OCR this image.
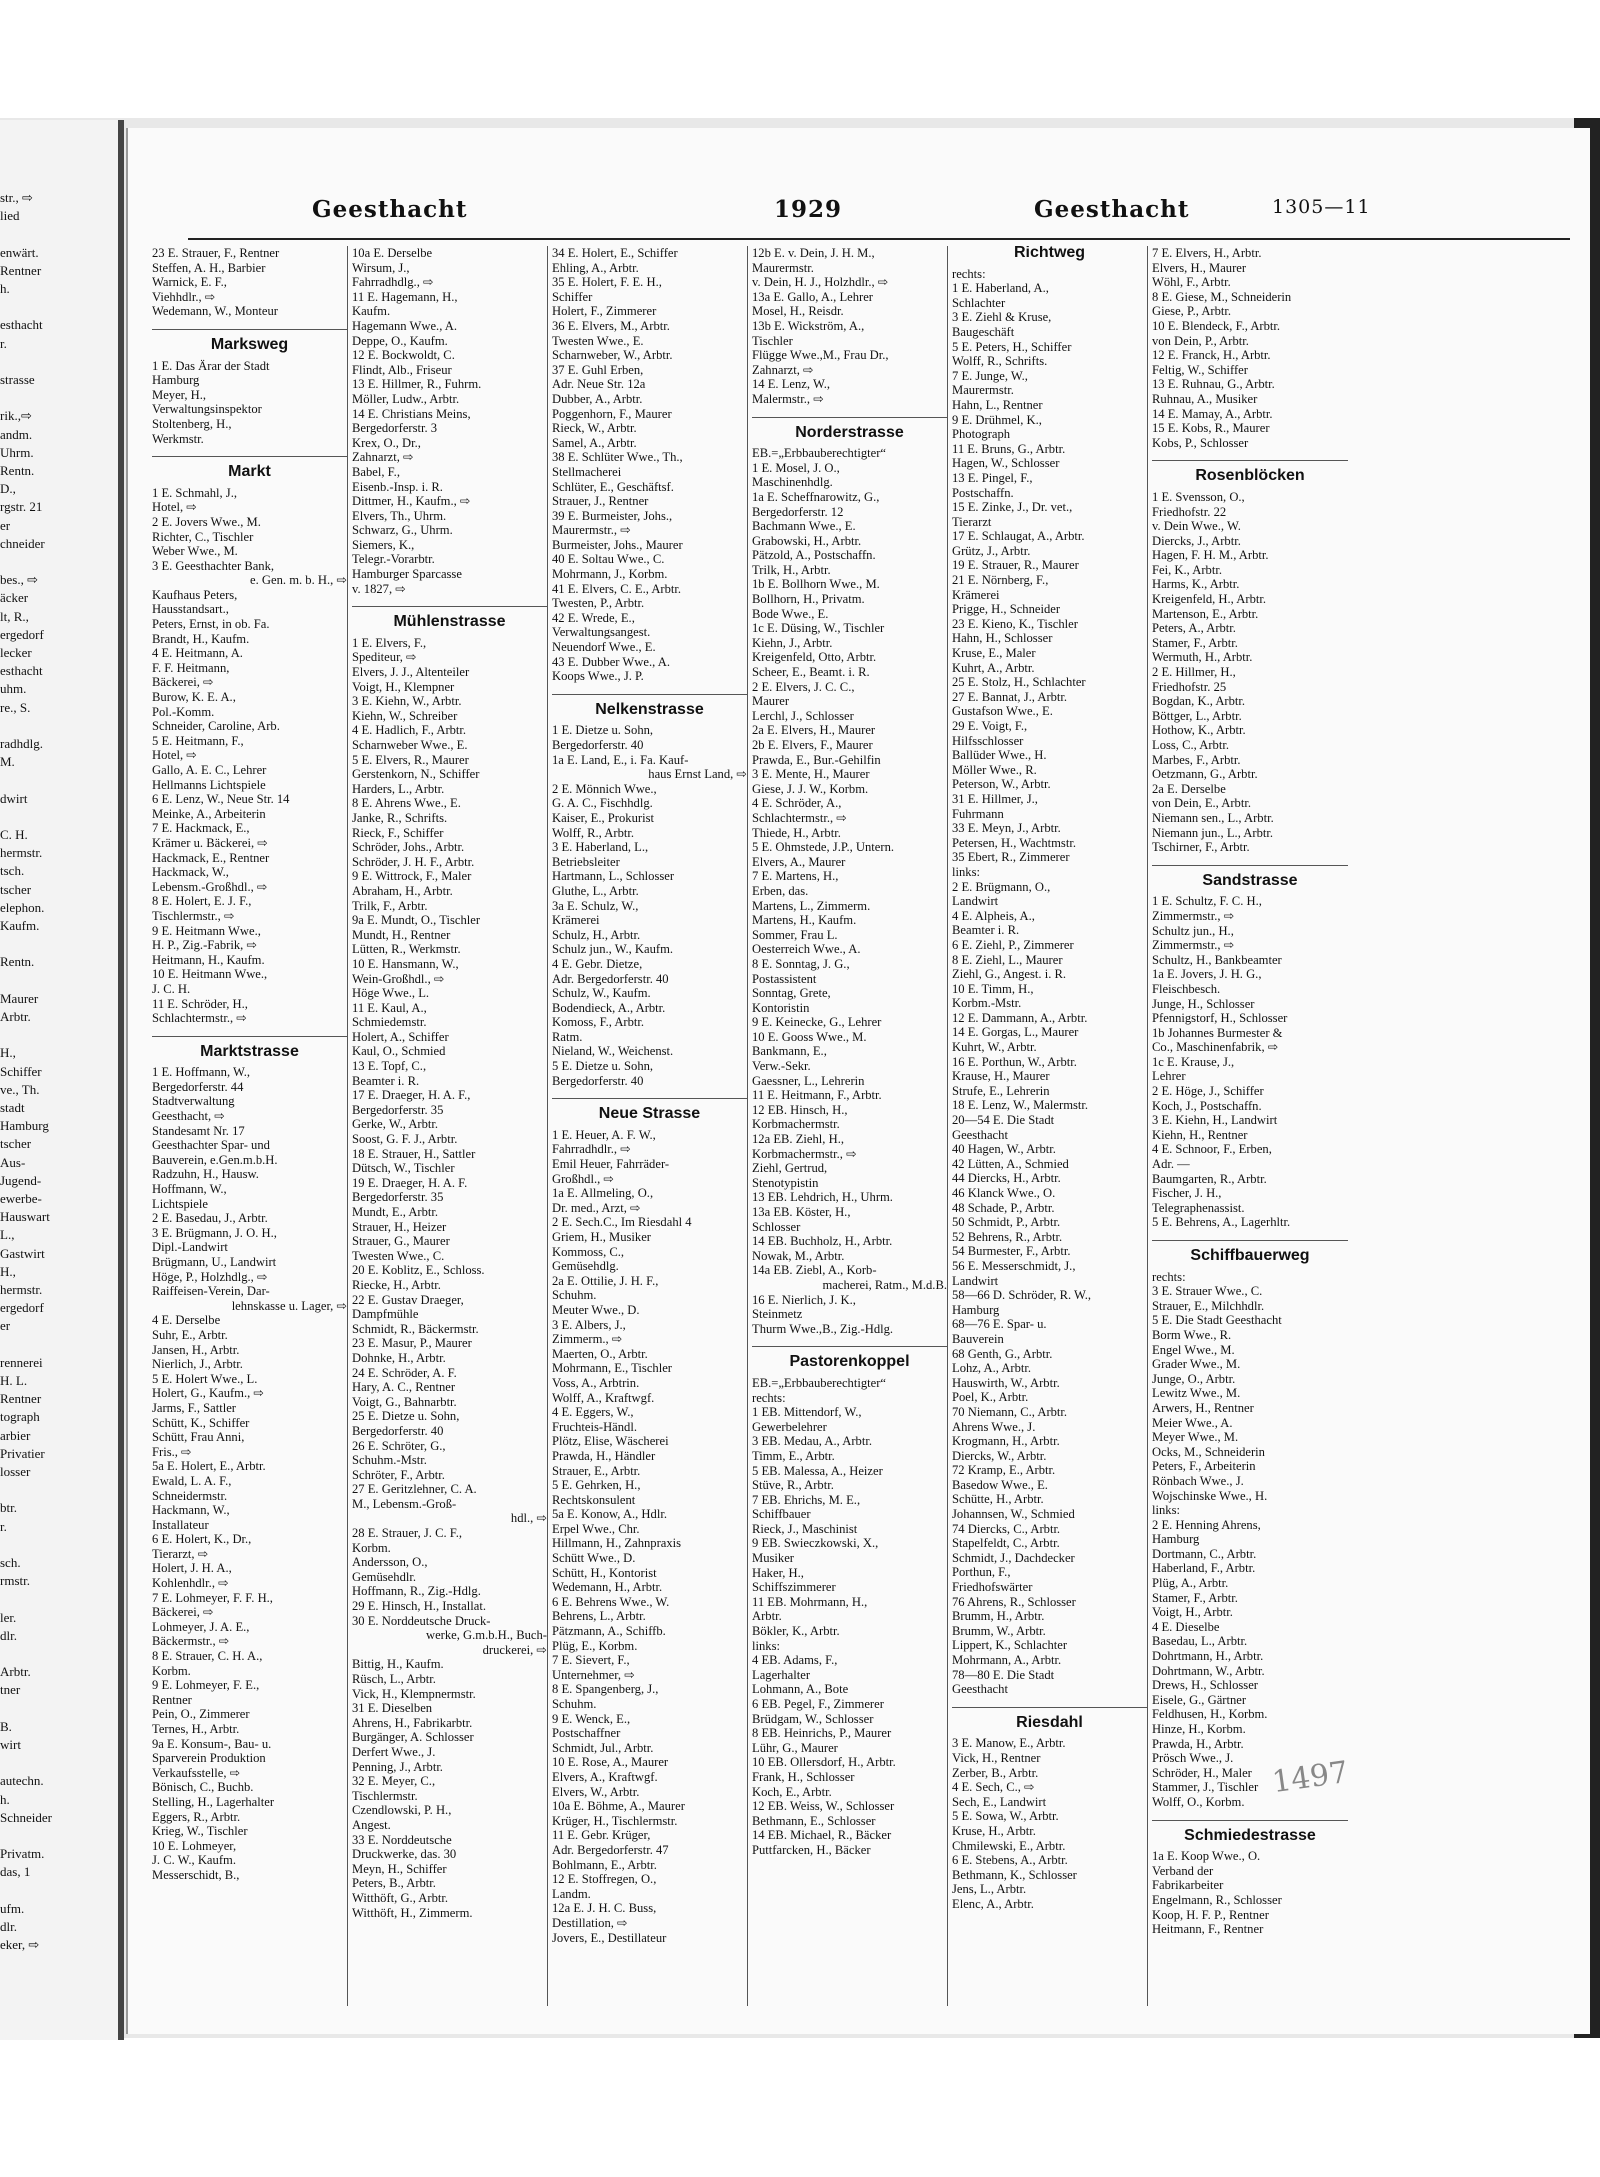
str., ⇨
lied
enwärt.
Rentner
h.
esthacht
r.
strasse
rik.,⇨
andm.
Uhrm.
Rentn.
D.,
rgstr. 21
er
chneider
bes., ⇨
äcker
lt, R.,
ergedorf
lecker
esthacht
uhm.
re., S.
radhdlg.
M.
dwirt
C. H.
hermstr.
tsch.
tscher
elephon.
Kaufm.
Rentn.
Maurer
Arbtr.
H.,
Schiffer
ve., Th.
stadt
Hamburg
tscher
Aus-
Jugend-
ewerbe-
Hauswart
L.,
Gastwirt
H.,
hermstr.
ergedorf
er
rennerei
H. L.
Rentner
tograph
arbier
Privatier
losser
btr.
r.
sch.
rmstr.
ler.
dlr.
Arbtr.
tner
B.
wirt
autechn.
h.
Schneider
Privatm.
das, 1
ufm.
dlr.
eker, ⇨
Geesthacht	1929	Geesthacht	1305—11
23 E. Strauer, F., Rentner
Steffen, A. H., Barbier
Warnick, E. F.,
Viehhdlr., ⇨
Wedemann, W., Monteur
Marksweg
1 E. Das Ärar der Stadt
Hamburg
Meyer, H.,
Verwaltungsinspektor
Stoltenberg, H.,
Werkmstr.
Markt
1 E. Schmahl, J.,
Hotel, ⇨
2 E. Jovers Wwe., M.
Richter, C., Tischler
Weber Wwe., M.
3 E. Geesthachter Bank,
e. Gen. m. b. H., ⇨
Kaufhaus Peters,
Hausstandsart.,
Peters, Ernst, in ob. Fa.
Brandt, H., Kaufm.
4 E. Heitmann, A.
F. F. Heitmann,
Bäckerei, ⇨
Burow, K. E. A.,
Pol.-Komm.
Schneider, Caroline, Arb.
5 E. Heitmann, F.,
Hotel, ⇨
Gallo, A. E. C., Lehrer
Hellmanns Lichtspiele
6 E. Lenz, W., Neue Str. 14
Meinke, A., Arbeiterin
7 E. Hackmack, E.,
Krämer u. Bäckerei, ⇨
Hackmack, E., Rentner
Hackmack, W.,
Lebensm.-Großhdl., ⇨
8 E. Holert, E. J. F.,
Tischlermstr., ⇨
9 E. Heitmann Wwe.,
H. P., Zig.-Fabrik, ⇨
Heitmann, H., Kaufm.
10 E. Heitmann Wwe.,
J. C. H.
11 E. Schröder, H.,
Schlachtermstr., ⇨
Marktstrasse
1 E. Hoffmann, W.,
Bergedorferstr. 44
Stadtverwaltung
Geesthacht, ⇨
Standesamt Nr. 17
Geesthachter Spar- und
Bauverein, e.Gen.m.b.H.
Radzuhn, H., Hausw.
Hoffmann, W.,
Lichtspiele
2 E. Basedau, J., Arbtr.
3 E. Brügmann, J. O. H.,
Dipl.-Landwirt
Brügmann, U., Landwirt
Höge, P., Holzhdlg., ⇨
Raiffeisen-Verein, Dar-
lehnskasse u. Lager, ⇨
4 E. Derselbe
Suhr, E., Arbtr.
Jansen, H., Arbtr.
Nierlich, J., Arbtr.
5 E. Holert Wwe., L.
Holert, G., Kaufm., ⇨
Jarms, F., Sattler
Schütt, K., Schiffer
Schütt, Frau Anni,
Fris., ⇨
5a E. Holert, E., Arbtr.
Ewald, L. A. F.,
Schneidermstr.
Hackmann, W.,
Installateur
6 E. Holert, K., Dr.,
Tierarzt, ⇨
Holert, J. H. A.,
Kohlenhdlr., ⇨
7 E. Lohmeyer, F. F. H.,
Bäckerei, ⇨
Lohmeyer, J. A. E.,
Bäckermstr., ⇨
8 E. Strauer, C. H. A.,
Korbm.
9 E. Lohmeyer, F. E.,
Rentner
Pein, O., Zimmerer
Ternes, H., Arbtr.
9a E. Konsum-, Bau- u.
Sparverein Produktion
Verkaufsstelle, ⇨
Bönisch, C., Buchb.
Stelling, H., Lagerhalter
Eggers, R., Arbtr.
Krieg, W., Tischler
10 E. Lohmeyer,
J. C. W., Kaufm.
Messerschidt, B.,
10a E. Derselbe
Wirsum, J.,
Fahrradhdlg., ⇨
11 E. Hagemann, H.,
Kaufm.
Hagemann Wwe., A.
Deppe, O., Kaufm.
12 E. Bockwoldt, C.
Flindt, Alb., Friseur
13 E. Hillmer, R., Fuhrm.
Möller, Ludw., Arbtr.
14 E. Christians Meins,
Bergedorferstr. 3
Krex, O., Dr.,
Zahnarzt, ⇨
Babel, F.,
Eisenb.-Insp. i. R.
Dittmer, H., Kaufm., ⇨
Elvers, Th., Uhrm.
Schwarz, G., Uhrm.
Siemers, K.,
Telegr.-Vorarbtr.
Hamburger Sparcasse
v. 1827, ⇨
Mühlenstrasse
1 E. Elvers, F.,
Spediteur, ⇨
Elvers, J. J., Altenteiler
Voigt, H., Klempner
3 E. Kiehn, W., Arbtr.
Kiehn, W., Schreiber
4 E. Hadlich, F., Arbtr.
Scharnweber Wwe., E.
5 E. Elvers, R., Maurer
Gerstenkorn, N., Schiffer
Harders, L., Arbtr.
8 E. Ahrens Wwe., E.
Janke, R., Schrifts.
Rieck, F., Schiffer
Schröder, Johs., Arbtr.
Schröder, J. H. F., Arbtr.
9 E. Wittrock, F., Maler
Abraham, H., Arbtr.
Trilk, F., Arbtr.
9a E. Mundt, O., Tischler
Mundt, H., Rentner
Lütten, R., Werkmstr.
10 E. Hansmann, W.,
Wein-Großhdl., ⇨
Höge Wwe., L.
11 E. Kaul, A.,
Schmiedemstr.
Holert, A., Schiffer
Kaul, O., Schmied
13 E. Topf, C.,
Beamter i. R.
17 E. Draeger, H. A. F.,
Bergedorferstr. 35
Gerke, W., Arbtr.
Soost, G. F. J., Arbtr.
18 E. Strauer, H., Sattler
Dütsch, W., Tischler
19 E. Draeger, H. A. F.
Bergedorferstr. 35
Mundt, E., Arbtr.
Strauer, H., Heizer
Strauer, G., Maurer
Twesten Wwe., C.
20 E. Koblitz, E., Schloss.
Riecke, H., Arbtr.
22 E. Gustav Draeger,
Dampfmühle
Schmidt, R., Bäckermstr.
23 E. Masur, P., Maurer
Dohnke, H., Arbtr.
24 E. Schröder, A. F.
Hary, A. C., Rentner
Voigt, G., Bahnarbtr.
25 E. Dietze u. Sohn,
Bergedorferstr. 40
26 E. Schröter, G.,
Schuhm.-Mstr.
Schröter, F., Arbtr.
27 E. Geritzlehner, C. A.
M., Lebensm.-Groß-
hdl., ⇨
28 E. Strauer, J. C. F.,
Korbm.
Andersson, O.,
Gemüsehdlr.
Hoffmann, R., Zig.-Hdlg.
29 E. Hinsch, H., Installat.
30 E. Norddeutsche Druck-
werke, G.m.b.H., Buch-
druckerei, ⇨
Bittig, H., Kaufm.
Rüsch, L., Arbtr.
Vick, H., Klempnermstr.
31 E. Dieselben
Ahrens, H., Fabrikarbtr.
Burgänger, A. Schlosser
Derfert Wwe., J.
Penning, J., Arbtr.
32 E. Meyer, C.,
Tischlermstr.
Czendlowski, P. H.,
Angest.
33 E. Norddeutsche
Druckwerke, das. 30
Meyn, H., Schiffer
Peters, B., Arbtr.
Witthöft, G., Arbtr.
Witthöft, H., Zimmerm.
34 E. Holert, E., Schiffer
Ehling, A., Arbtr.
35 E. Holert, F. E. H.,
Schiffer
Holert, F., Zimmerer
36 E. Elvers, M., Arbtr.
Twesten Wwe., E.
Scharnweber, W., Arbtr.
37 E. Guhl Erben,
Adr. Neue Str. 12a
Dubber, A., Arbtr.
Poggenhorn, F., Maurer
Rieck, W., Arbtr.
Samel, A., Arbtr.
38 E. Schlüter Wwe., Th.,
Stellmacherei
Schlüter, E., Geschäftsf.
Strauer, J., Rentner
39 E. Burmeister, Johs.,
Maurermstr., ⇨
Burmeister, Johs., Maurer
40 E. Soltau Wwe., C.
Mohrmann, J., Korbm.
41 E. Elvers, C. E., Arbtr.
Twesten, P., Arbtr.
42 E. Wrede, E.,
Verwaltungsangest.
Neuendorf Wwe., E.
43 E. Dubber Wwe., A.
Koops Wwe., J. P.
Nelkenstrasse
1 E. Dietze u. Sohn,
Bergedorferstr. 40
1a E. Land, E., i. Fa. Kauf-
haus Ernst Land, ⇨
2 E. Mönnich Wwe.,
G. A. C., Fischhdlg.
Kaiser, E., Prokurist
Wolff, R., Arbtr.
3 E. Haberland, L.,
Betriebsleiter
Hartmann, L., Schlosser
Gluthe, L., Arbtr.
3a E. Schulz, W.,
Krämerei
Schulz, H., Arbtr.
Schulz jun., W., Kaufm.
4 E. Gebr. Dietze,
Adr. Bergedorferstr. 40
Schulz, W., Kaufm.
Bodendieck, A., Arbtr.
Komoss, F., Arbtr.
Ratm.
Nieland, W., Weichenst.
5 E. Dietze u. Sohn,
Bergedorferstr. 40
Neue Strasse
1 E. Heuer, A. F. W.,
Fahrradhdlr., ⇨
Emil Heuer, Fahrräder-
Großhdl., ⇨
1a E. Allmeling, O.,
Dr. med., Arzt, ⇨
2 E. Sech.C., Im Riesdahl 4
Griem, H., Musiker
Kommoss, C.,
Gemüsehdlg.
2a E. Ottilie, J. H. F.,
Schuhm.
Meuter Wwe., D.
3 E. Albers, J.,
Zimmerm., ⇨
Maerten, O., Arbtr.
Mohrmann, E., Tischler
Voss, A., Arbtrin.
Wolff, A., Kraftwgf.
4 E. Eggers, W.,
Fruchteis-Händl.
Plötz, Elise, Wäscherei
Prawda, H., Händler
Strauer, E., Arbtr.
5 E. Gehrken, H.,
Rechtskonsulent
5a E. Konow, A., Hdlr.
Erpel Wwe., Chr.
Hillmann, H., Zahnpraxis
Schütt Wwe., D.
Schütt, H., Kontorist
Wedemann, H., Arbtr.
6 E. Behrens Wwe., W.
Behrens, L., Arbtr.
Pätzmann, A., Schiffb.
Plüg, E., Korbm.
7 E. Sievert, F.,
Unternehmer, ⇨
8 E. Spangenberg, J.,
Schuhm.
9 E. Wenck, E.,
Postschaffner
Schmidt, Jul., Arbtr.
10 E. Rose, A., Maurer
Elvers, A., Kraftwgf.
Elvers, W., Arbtr.
10a E. Böhme, A., Maurer
Krüger, H., Tischlermstr.
11 E. Gebr. Krüger,
Adr. Bergedorferstr. 47
Bohlmann, E., Arbtr.
12 E. Stoffregen, O.,
Landm.
12a E. J. H. C. Buss,
Destillation, ⇨
Jovers, E., Destillateur
12b E. v. Dein, J. H. M.,
Maurermstr.
v. Dein, H. J., Holzhdlr., ⇨
13a E. Gallo, A., Lehrer
Mosel, H., Reisdr.
13b E. Wickström, A.,
Tischler
Flügge Wwe.,M., Frau Dr.,
Zahnarzt, ⇨
14 E. Lenz, W.,
Malermstr., ⇨
Norderstrasse
EB.=„Erbbauberechtigter“
1 E. Mosel, J. O.,
Maschinenhdlg.
1a E. Scheffnarowitz, G.,
Bergedorferstr. 12
Bachmann Wwe., E.
Grabowski, H., Arbtr.
Pätzold, A., Postschaffn.
Trilk, H., Arbtr.
1b E. Bollhorn Wwe., M.
Bollhorn, H., Privatm.
Bode Wwe., E.
1c E. Düsing, W., Tischler
Kiehn, J., Arbtr.
Kreigenfeld, Otto, Arbtr.
Scheer, E., Beamt. i. R.
2 E. Elvers, J. C. C.,
Maurer
Lerchl, J., Schlosser
2a E. Elvers, H., Maurer
2b E. Elvers, F., Maurer
Prawda, E., Bur.-Gehilfin
3 E. Mente, H., Maurer
Giese, J. J. W., Korbm.
4 E. Schröder, A.,
Schlachtermstr., ⇨
Thiede, H., Arbtr.
5 E. Ohmstede, J.P., Untern.
Elvers, A., Maurer
7 E. Martens, H.,
Erben, das.
Martens, L., Zimmerm.
Martens, H., Kaufm.
Sommer, Frau L.
Oesterreich Wwe., A.
8 E. Sonntag, J. G.,
Postassistent
Sonntag, Grete,
Kontoristin
9 E. Keinecke, G., Lehrer
10 E. Gooss Wwe., M.
Bankmann, E.,
Verw.-Sekr.
Gaessner, L., Lehrerin
11 E. Heitmann, F., Arbtr.
12 EB. Hinsch, H.,
Korbmachermstr.
12a EB. Ziehl, H.,
Korbmachermstr., ⇨
Ziehl, Gertrud,
Stenotypistin
13 EB. Lehdrich, H., Uhrm.
13a EB. Köster, H.,
Schlosser
14 EB. Buchholz, H., Arbtr.
Nowak, M., Arbtr.
14a EB. Ziebl, A., Korb-
macherei, Ratm., M.d.B.
16 E. Nierlich, J. K.,
Steinmetz
Thurm Wwe.,B., Zig.-Hdlg.
Pastorenkoppel
EB.=„Erbbauberechtigter“
rechts:
1 EB. Mittendorf, W.,
Gewerbelehrer
3 EB. Medau, A., Arbtr.
Timm, E., Arbtr.
5 EB. Malessa, A., Heizer
Stüve, R., Arbtr.
7 EB. Ehrichs, M. E.,
Schiffbauer
Rieck, J., Maschinist
9 EB. Swieczkowski, X.,
Musiker
Haker, H.,
Schiffszimmerer
11 EB. Mohrmann, H.,
Arbtr.
Bökler, K., Arbtr.
links:
4 EB. Adams, F.,
Lagerhalter
Lohmann, A., Bote
6 EB. Pegel, F., Zimmerer
Brüdgam, W., Schlosser
8 EB. Heinrichs, P., Maurer
Lühr, G., Maurer
10 EB. Ollersdorf, H., Arbtr.
Frank, H., Schlosser
Koch, E., Arbtr.
12 EB. Weiss, W., Schlosser
Bethmann, E., Schlosser
14 EB. Michael, R., Bäcker
Puttfarcken, H., Bäcker
Richtweg
rechts:
1 E. Haberland, A.,
Schlachter
3 E. Ziehl & Kruse,
Baugeschäft
5 E. Peters, H., Schiffer
Wolff, R., Schrifts.
7 E. Junge, W.,
Maurermstr.
Hahn, L., Rentner
9 E. Drühmel, K.,
Photograph
11 E. Bruns, G., Arbtr.
Hagen, W., Schlosser
13 E. Pingel, F.,
Postschaffn.
15 E. Zinke, J., Dr. vet.,
Tierarzt
17 E. Schlaugat, A., Arbtr.
Grütz, J., Arbtr.
19 E. Strauer, R., Maurer
21 E. Nörnberg, F.,
Krämerei
Prigge, H., Schneider
23 E. Kieno, K., Tischler
Hahn, H., Schlosser
Kruse, E., Maler
Kuhrt, A., Arbtr.
25 E. Stolz, H., Schlachter
27 E. Bannat, J., Arbtr.
Gustafson Wwe., E.
29 E. Voigt, F.,
Hilfsschlosser
Ballüder Wwe., H.
Möller Wwe., R.
Peterson, W., Arbtr.
31 E. Hillmer, J.,
Fuhrmann
33 E. Meyn, J., Arbtr.
Petersen, H., Wachtmstr.
35 Ebert, R., Zimmerer
links:
2 E. Brügmann, O.,
Landwirt
4 E. Alpheis, A.,
Beamter i. R.
6 E. Ziehl, P., Zimmerer
8 E. Ziehl, L., Maurer
Ziehl, G., Angest. i. R.
10 E. Timm, H.,
Korbm.-Mstr.
12 E. Dammann, A., Arbtr.
14 E. Gorgas, L., Maurer
Kuhrt, W., Arbtr.
16 E. Porthun, W., Arbtr.
Krause, H., Maurer
Strufe, E., Lehrerin
18 E. Lenz, W., Malermstr.
20—54 E. Die Stadt
Geesthacht
40 Hagen, W., Arbtr.
42 Lütten, A., Schmied
44 Diercks, H., Arbtr.
46 Klanck Wwe., O.
48 Schade, P., Arbtr.
50 Schmidt, P., Arbtr.
52 Behrens, R., Arbtr.
54 Burmester, F., Arbtr.
56 E. Messerschmidt, J.,
Landwirt
58—66 D. Schröder, R. W.,
Hamburg
68—76 E. Spar- u.
Bauverein
68 Genth, G., Arbtr.
Lohz, A., Arbtr.
Hauswirth, W., Arbtr.
Poel, K., Arbtr.
70 Niemann, C., Arbtr.
Ahrens Wwe., J.
Krogmann, H., Arbtr.
Diercks, W., Arbtr.
72 Kramp, E., Arbtr.
Basedow Wwe., E.
Schütte, H., Arbtr.
Johannsen, W., Schmied
74 Diercks, C., Arbtr.
Stapelfeldt, C., Arbtr.
Schmidt, J., Dachdecker
Porthun, F.,
Friedhofswärter
76 Ahrens, R., Schlosser
Brumm, H., Arbtr.
Brumm, W., Arbtr.
Lippert, K., Schlachter
Mohrmann, A., Arbtr.
78—80 E. Die Stadt
Geesthacht
Riesdahl
3 E. Manow, E., Arbtr.
Vick, H., Rentner
Zerber, B., Arbtr.
4 E. Sech, C., ⇨
Sech, E., Landwirt
5 E. Sowa, W., Arbtr.
Kruse, H., Arbtr.
Chmilewski, E., Arbtr.
6 E. Stebens, A., Arbtr.
Bethmann, K., Schlosser
Jens, L., Arbtr.
Elenc, A., Arbtr.
7 E. Elvers, H., Arbtr.
Elvers, H., Maurer
Wöhl, F., Arbtr.
8 E. Giese, M., Schneiderin
Giese, P., Arbtr.
10 E. Blendeck, F., Arbtr.
von Dein, P., Arbtr.
12 E. Franck, H., Arbtr.
Feltig, W., Schiffer
13 E. Ruhnau, G., Arbtr.
Ruhnau, A., Musiker
14 E. Mamay, A., Arbtr.
15 E. Kobs, R., Maurer
Kobs, P., Schlosser
Rosenblöcken
1 E. Svensson, O.,
Friedhofstr. 22
v. Dein Wwe., W.
Diercks, J., Arbtr.
Hagen, F. H. M., Arbtr.
Fei, K., Arbtr.
Harms, K., Arbtr.
Kreigenfeld, H., Arbtr.
Martenson, E., Arbtr.
Peters, A., Arbtr.
Stamer, F., Arbtr.
Wermuth, H., Arbtr.
2 E. Hillmer, H.,
Friedhofstr. 25
Bogdan, K., Arbtr.
Böttger, L., Arbtr.
Hothow, K., Arbtr.
Loss, C., Arbtr.
Marbes, F., Arbtr.
Oetzmann, G., Arbtr.
2a E. Derselbe
von Dein, E., Arbtr.
Niemann sen., L., Arbtr.
Niemann jun., L., Arbtr.
Tschirner, F., Arbtr.
Sandstrasse
1 E. Schultz, F. C. H.,
Zimmermstr., ⇨
Schultz jun., H.,
Zimmermstr., ⇨
Schultz, H., Bankbeamter
1a E. Jovers, J. H. G.,
Fleischbesch.
Junge, H., Schlosser
Pfennigstorf, H., Schlosser
1b Johannes Burmester &
Co., Maschinenfabrik, ⇨
1c E. Krause, J.,
Lehrer
2 E. Höge, J., Schiffer
Koch, J., Postschaffn.
3 E. Kiehn, H., Landwirt
Kiehn, H., Rentner
4 E. Schnoor, F., Erben,
Adr. —
Baumgarten, R., Arbtr.
Fischer, J. H.,
Telegraphenassist.
5 E. Behrens, A., Lagerhltr.
Schiffbauerweg
rechts:
3 E. Strauer Wwe., C.
Strauer, E., Milchhdlr.
5 E. Die Stadt Geesthacht
Borm Wwe., R.
Engel Wwe., M.
Grader Wwe., M.
Junge, O., Arbtr.
Lewitz Wwe., M.
Arwers, H., Rentner
Meier Wwe., A.
Meyer Wwe., M.
Ocks, M., Schneiderin
Peters, F., Arbeiterin
Rönbach Wwe., J.
Wojschinske Wwe., H.
links:
2 E. Henning Ahrens,
Hamburg
Dortmann, C., Arbtr.
Haberland, F., Arbtr.
Plüg, A., Arbtr.
Stamer, F., Arbtr.
Voigt, H., Arbtr.
4 E. Dieselbe
Basedau, L., Arbtr.
Dohrtmann, H., Arbtr.
Dohrtmann, W., Arbtr.
Drews, H., Schlosser
Eisele, G., Gärtner
Feldhusen, H., Korbm.
Hinze, H., Korbm.
Prawda, H., Arbtr.
Prösch Wwe., J.
Schröder, H., Maler
Stammer, J., Tischler
Wolff, O., Korbm.
Schmiedestrasse
1a E. Koop Wwe., O.
Verband der
Fabrikarbeiter
Engelmann, R., Schlosser
Koop, H. F. P., Rentner
Heitmann, F., Rentner
1497
